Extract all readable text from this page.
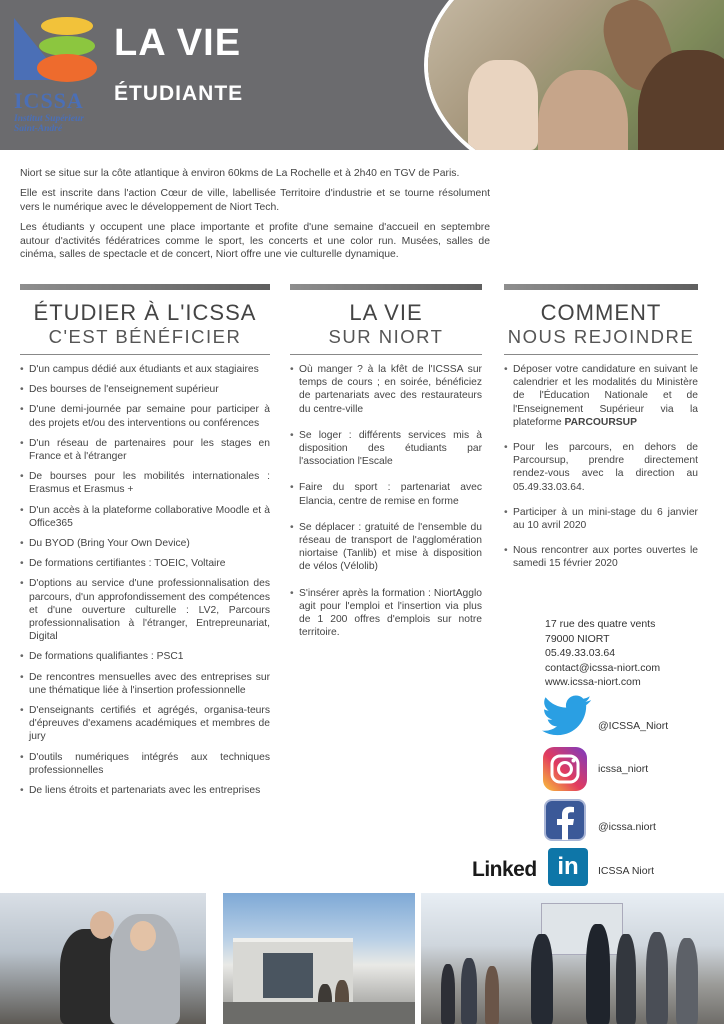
ICSSA
Institut Supérieur
Saint-André
LA VIE
ÉTUDIANTE

Niort se situe sur la côte atlantique à environ 60kms de La Rochelle et à 2h40 en TGV de Paris.

Elle est inscrite dans l'action Cœur de ville, labellisée Territoire d'industrie et se tourne résolument vers le numérique avec le développement de Niort Tech.

Les étudiants y occupent une place importante et profite d'une semaine d'accueil en septembre autour d'activités fédératrices comme le sport, les concerts et une color run. Musées, salles de cinéma, salles de spectacle et de concert, Niort offre une vie culturelle dynamique.

ÉTUDIER À L'ICSSA
C'EST BÉNÉFICIER
• D'un campus dédié aux étudiants et aux stagiaires
• Des bourses de l'enseignement supérieur
• D'une demi-journée par semaine pour participer à des projets et/ou des interventions ou conférences
• D'un réseau de partenaires pour les stages en France et à l'étranger
• De bourses pour les mobilités internationales : Erasmus et Erasmus +
• D'un accès à la plateforme collaborative Moodle et à Office365
• Du BYOD (Bring Your Own Device)
• De formations certifiantes : TOEIC, Voltaire
• D'options au service d'une professionnalisation des parcours, d'un approfondissement des compétences et d'une ouverture culturelle : LV2, Parcours professionnalisation à l'étranger, Entrepreunariat, Digital
• De formations qualifiantes : PSC1
• De rencontres mensuelles avec des entreprises sur une thématique liée à l'insertion professionnelle
• D'enseignants certifiés et agrégés, organisa-teurs d'épreuves d'examens académiques et membres de jury
• D'outils numériques intégrés aux techniques professionnelles
• De liens étroits et partenariats avec les entreprises
LA VIE
SUR NIORT
• Où manger ? à la kfêt de l'ICSSA sur temps de cours ; en soirée, bénéficiez de partenariats avec des restaurateurs du centre-ville
• Se loger : différents services mis à disposition des étudiants par l'association l'Escale
• Faire du sport : partenariat avec Elancia, centre de remise en forme
• Se déplacer : gratuité de l'ensemble du réseau de transport de l'agglomération niortaise (Tanlib) et mise à disposition de vélos (Vélolib)
• S'insérer après la formation : NiortAgglo agit pour l'emploi et l'insertion via plus de 1 200 offres d'emplois sur notre territoire.
COMMENT
NOUS REJOINDRE
• Déposer votre candidature en suivant le calendrier et les modalités du Ministère de l'Éducation Nationale et de l'Enseignement Supérieur via la plateforme PARCOURSUP
• Pour les parcours, en dehors de Parcoursup, prendre directement rendez-vous avec la direction au 05.49.33.03.64.
• Participer à un mini-stage du 6 janvier au 10 avril 2020
• Nous rencontrer aux portes ouvertes le samedi 15 février 2020
17 rue des quatre vents
79000 NIORT
05.49.33.03.64
contact@icssa-niort.com
www.icssa-niort.com
@ICSSA_Niort
icssa_niort
@icssa.niort
Linked in	ICSSA Niort
